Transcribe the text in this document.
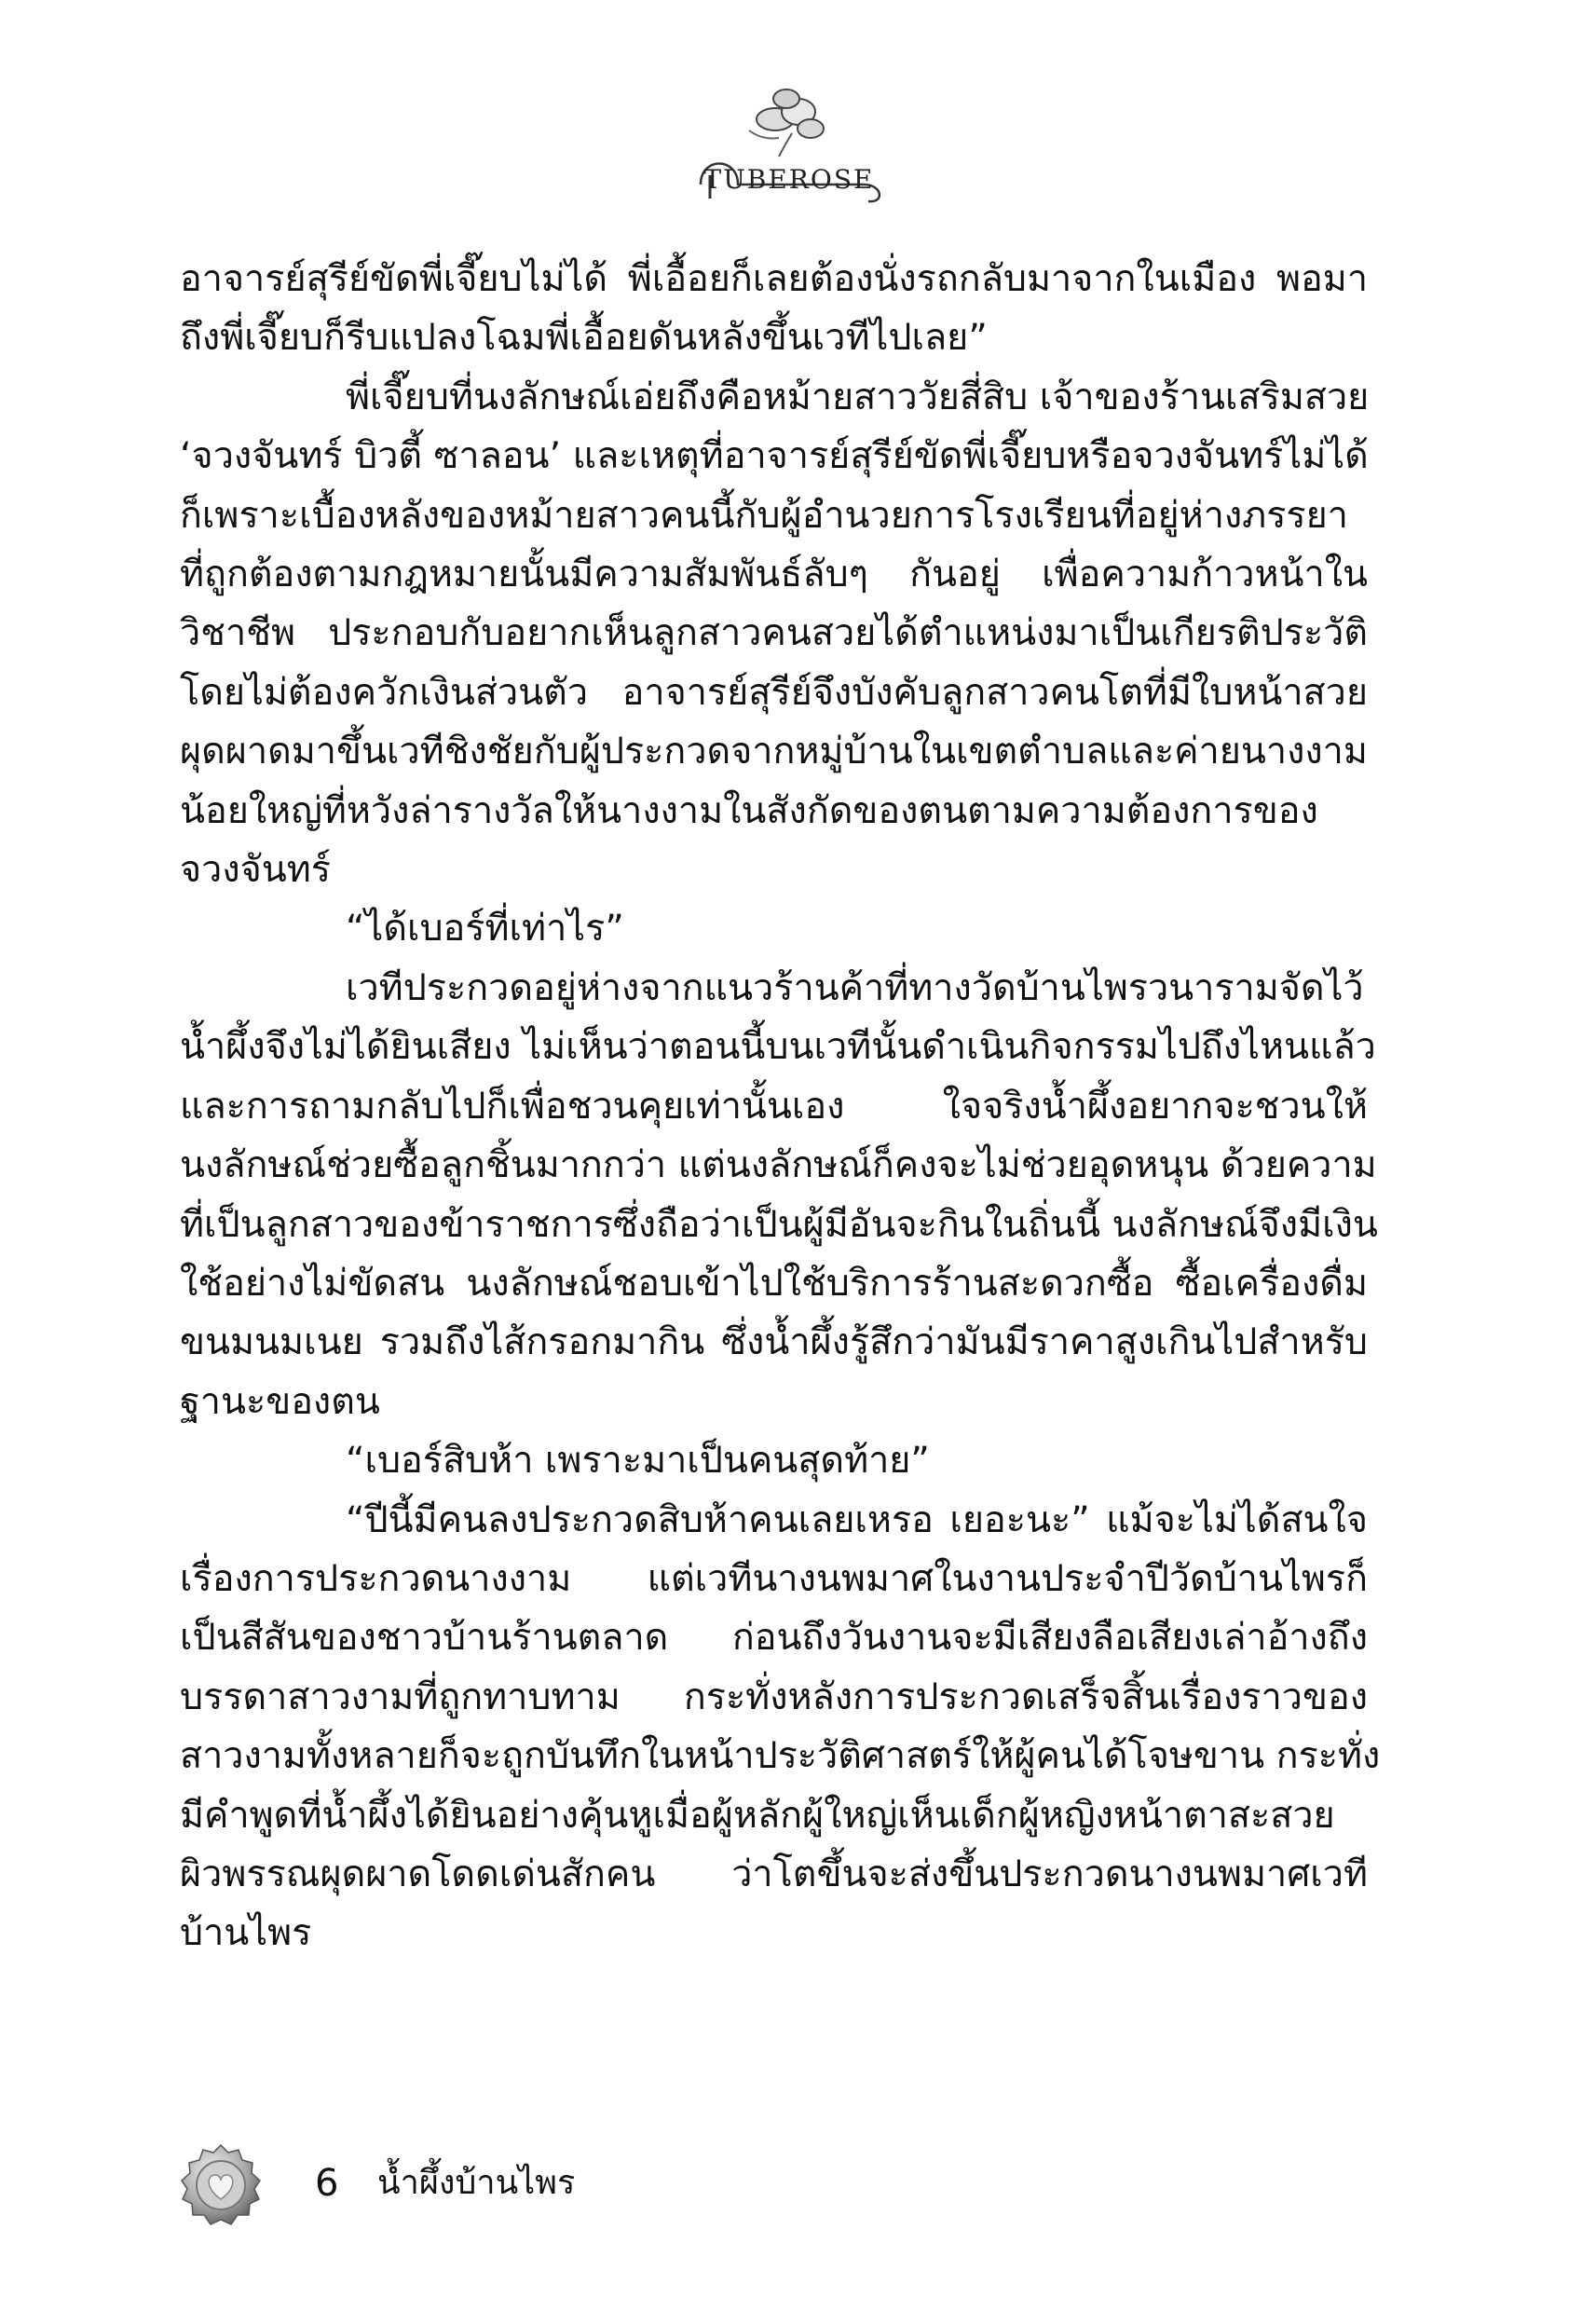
TUBEROSE
อาจารย์สุรีย์ขัดพี่เจี๊ยบไม่ได้ พี่เอื้อยก็เลยต้องนั่งรถกลับมาจากในเมือง พอมา
ถึงพี่เจี๊ยบก็รีบแปลงโฉมพี่เอื้อยดันหลังขึ้นเวทีไปเลย”
พี่เจี๊ยบที่นงลักษณ์เอ่ยถึงคือหม้ายสาววัยสี่สิบ เจ้าของร้านเสริมสวย
‘จวงจันทร์ บิวตี้ ซาลอน’ และเหตุที่อาจารย์สุรีย์ขัดพี่เจี๊ยบหรือจวงจันทร์ไม่ได้
ก็เพราะเบื้องหลังของหม้ายสาวคนนี้กับผู้อำนวยการโรงเรียนที่อยู่ห่างภรรยา
ที่ถูกต้องตามกฎหมายนั้นมีความสัมพันธ์ลับๆ กันอยู่ เพื่อความก้าวหน้าใน
วิชาชีพ ประกอบกับอยากเห็นลูกสาวคนสวยได้ตำแหน่งมาเป็นเกียรติประวัติ
โดยไม่ต้องควักเงินส่วนตัว อาจารย์สุรีย์จึงบังคับลูกสาวคนโตที่มีใบหน้าสวย
ผุดผาดมาขึ้นเวทีชิงชัยกับผู้ประกวดจากหมู่บ้านในเขตตำบลและค่ายนางงาม
น้อยใหญ่ที่หวังล่ารางวัลให้นางงามในสังกัดของตนตามความต้องการของ
จวงจันทร์
“ได้เบอร์ที่เท่าไร”
เวทีประกวดอยู่ห่างจากแนวร้านค้าที่ทางวัดบ้านไพรวนารามจัดไว้
น้ำผึ้งจึงไม่ได้ยินเสียง ไม่เห็นว่าตอนนี้บนเวทีนั้นดำเนินกิจกรรมไปถึงไหนแล้ว
และการถามกลับไปก็เพื่อชวนคุยเท่านั้นเอง ใจจริงน้ำผึ้งอยากจะชวนให้
นงลักษณ์ช่วยซื้อลูกชิ้นมากกว่า แต่นงลักษณ์ก็คงจะไม่ช่วยอุดหนุน ด้วยความ
ที่เป็นลูกสาวของข้าราชการซึ่งถือว่าเป็นผู้มีอันจะกินในถิ่นนี้ นงลักษณ์จึงมีเงิน
ใช้อย่างไม่ขัดสน นงลักษณ์ชอบเข้าไปใช้บริการร้านสะดวกซื้อ ซื้อเครื่องดื่ม
ขนมนมเนย รวมถึงไส้กรอกมากิน ซึ่งน้ำผึ้งรู้สึกว่ามันมีราคาสูงเกินไปสำหรับ
ฐานะของตน
“เบอร์สิบห้า เพราะมาเป็นคนสุดท้าย”
“ปีนี้มีคนลงประกวดสิบห้าคนเลยเหรอ เยอะนะ” แม้จะไม่ได้สนใจ
เรื่องการประกวดนางงาม แต่เวทีนางนพมาศในงานประจำปีวัดบ้านไพรก็
เป็นสีสันของชาวบ้านร้านตลาด ก่อนถึงวันงานจะมีเสียงลือเสียงเล่าอ้างถึง
บรรดาสาวงามที่ถูกทาบทาม กระทั่งหลังการประกวดเสร็จสิ้นเรื่องราวของ
สาวงามทั้งหลายก็จะถูกบันทึกในหน้าประวัติศาสตร์ให้ผู้คนได้โจษขาน กระทั่ง
มีคำพูดที่น้ำผึ้งได้ยินอย่างคุ้นหูเมื่อผู้หลักผู้ใหญ่เห็นเด็กผู้หญิงหน้าตาสะสวย
ผิวพรรณผุดผาดโดดเด่นสักคน ว่าโตขึ้นจะส่งขึ้นประกวดนางนพมาศเวที
บ้านไพร
6 น้ำผึ้งบ้านไพร
